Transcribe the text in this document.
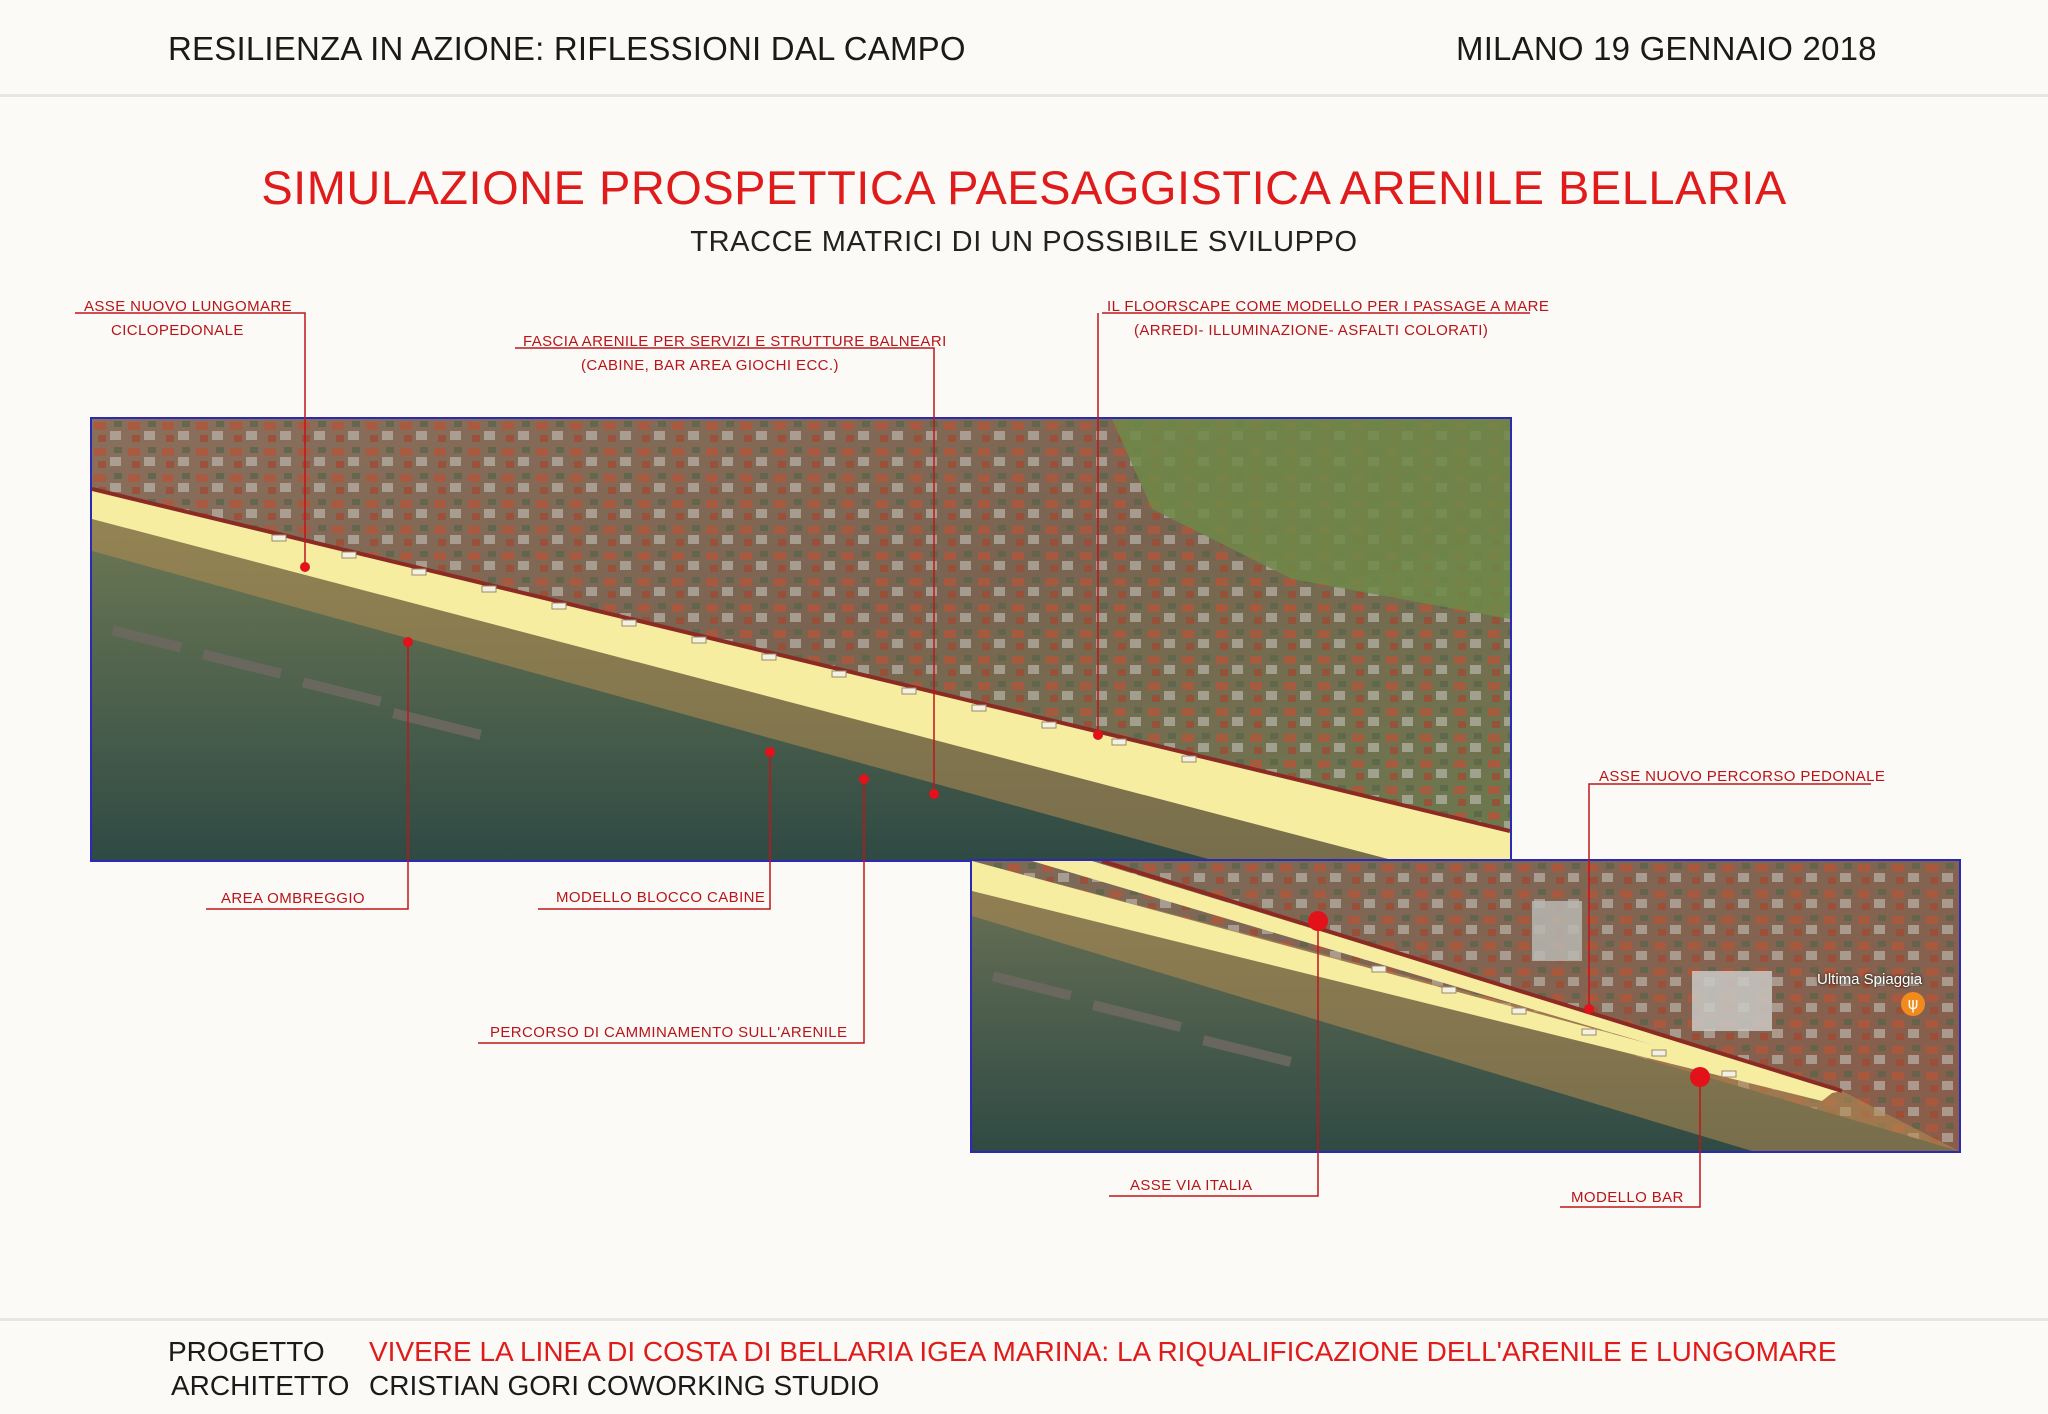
RESILIENZA IN AZIONE: RIFLESSIONI DAL CAMPO	MILANO 19 GENNAIO 2018
SIMULAZIONE PROSPETTICA PAESAGGISTICA ARENILE BELLARIA
TRACCE MATRICI DI UN POSSIBILE SVILUPPO
Ultima Spiaggia
ψ
ASSE NUOVO LUNGOMARE
CICLOPEDONALE
FASCIA ARENILE PER SERVIZI E STRUTTURE BALNEARI
(CABINE, BAR AREA GIOCHI ECC.)
IL FLOORSCAPE COME MODELLO PER I PASSAGE A MARE
(ARREDI- ILLUMINAZIONE- ASFALTI COLORATI)
ASSE NUOVO PERCORSO PEDONALE
AREA OMBREGGIO	MODELLO BLOCCO CABINE
PERCORSO DI CAMMINAMENTO SULL'ARENILE
ASSE VIA ITALIA
MODELLO BAR
PROGETTO VIVERE LA LINEA DI COSTA DI BELLARIA IGEA MARINA: LA RIQUALIFICAZIONE DELL'ARENILE E LUNGOMARE
ARCHITETTO CRISTIAN GORI COWORKING STUDIO
